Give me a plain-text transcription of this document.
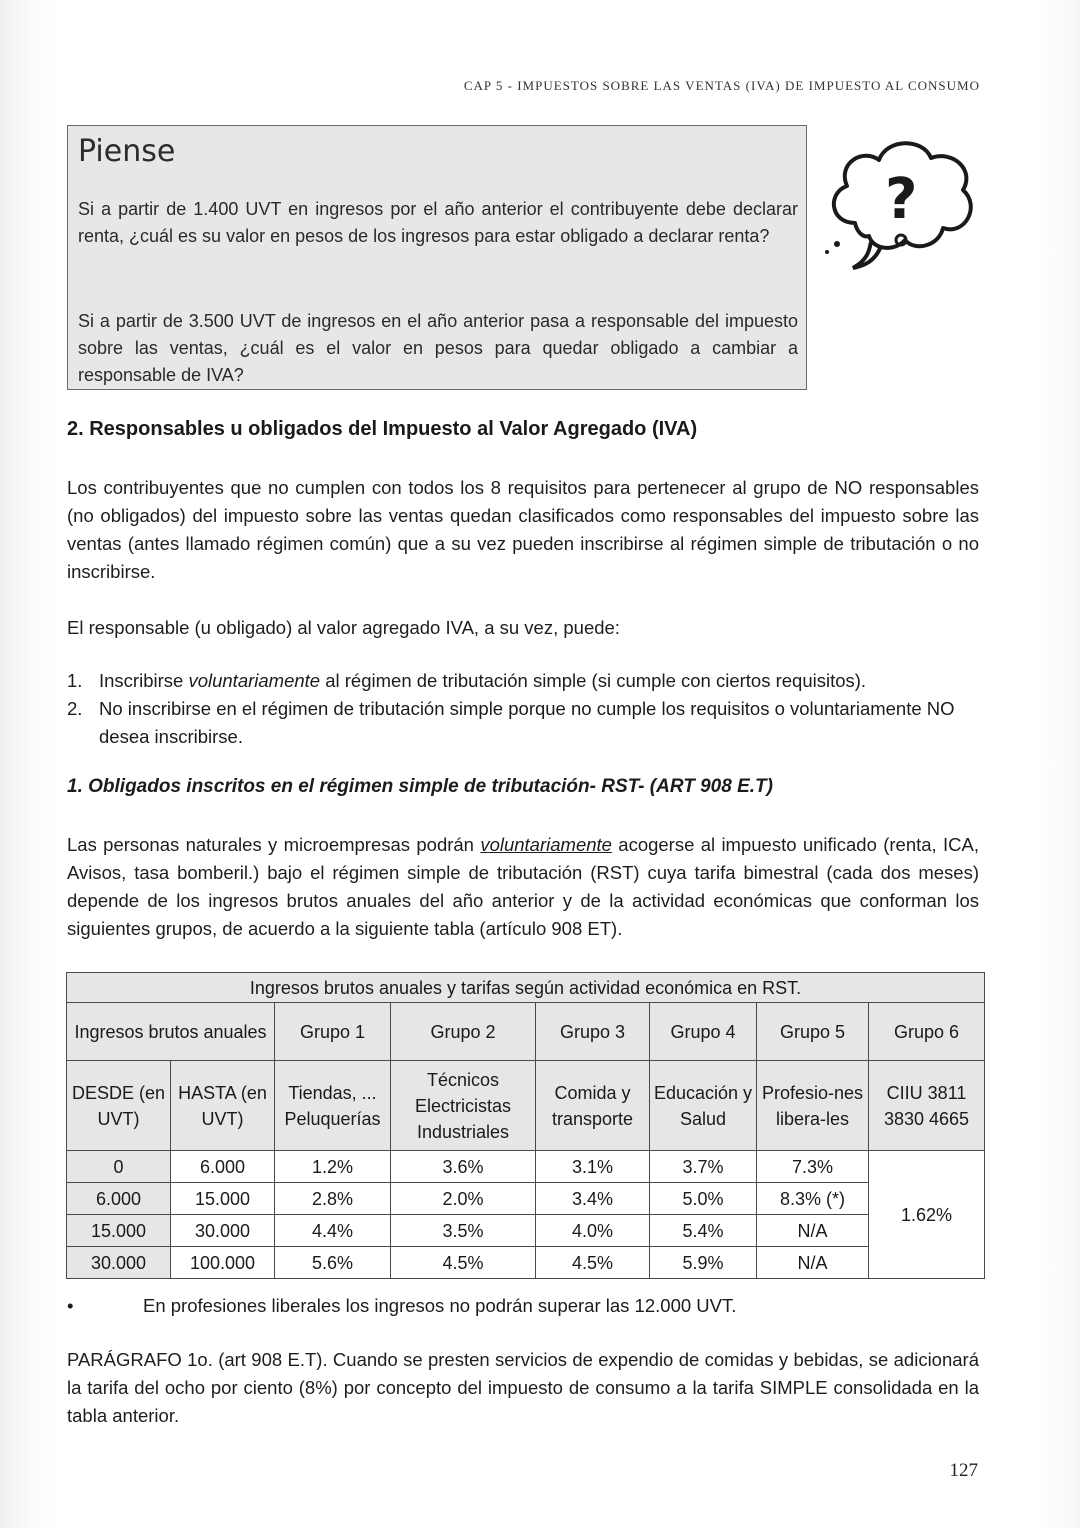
CAP 5 - IMPUESTOS SOBRE LAS VENTAS (IVA) DE IMPUESTO AL CONSUMO
Piense

Si a partir de 1.400 UVT en ingresos por el año anterior el contribuyente debe declarar renta, ¿cuál es su valor en pesos de los ingresos para estar obligado a declarar renta?

Si a partir de 3.500 UVT de ingresos en el año anterior pasa a responsable del impuesto sobre las ventas, ¿cuál es el valor en pesos para quedar obligado a cambiar a responsable de IVA?

?
2. Responsables u obligados del Impuesto al Valor Agregado (IVA)

Los contribuyentes que no cumplen con todos los 8 requisitos para pertenecer al grupo de NO responsables (no obligados) del impuesto sobre las ventas quedan clasificados como responsables del impuesto sobre las ventas (antes llamado régimen común) que a su vez pueden inscribirse al régimen simple de tributación o no inscribirse.

El responsable (u obligado) al valor agregado IVA, a su vez, puede:

1. Inscribirse voluntariamente al régimen de tributación simple (si cumple con ciertos requisitos).
2. No inscribirse en el régimen de tributación simple porque no cumple los requisitos o voluntariamente NO desea inscribirse.
1. Obligados inscritos en el régimen simple de tributación- RST- (ART 908 E.T)

Las personas naturales y microempresas podrán voluntariamente acogerse al impuesto unificado (renta, ICA, Avisos, tasa bomberil.) bajo el régimen simple de tributación (RST) cuya tarifa bimestral (cada dos meses) depende de los ingresos brutos anuales del año anterior y de la actividad económicas que conforman los siguientes grupos, de acuerdo a la siguiente tabla (artículo 908 ET).

Ingresos brutos anuales y tarifas según actividad económica en RST.							
Ingresos brutos anuales		Grupo 1	Grupo 2	Grupo 3	Grupo 4	Grupo 5	Grupo 6
DESDE (en UVT)	HASTA (en UVT)	Tiendas, ... Peluquerías	Técnicos Electricistas Industriales	Comida y transporte	Educación y Salud	Profesio-nes libera-les	CIIU 3811 3830 4665
0	6.000	1.2%	3.6%	3.1%	3.7%	7.3%	1.62%
6.000	15.000	2.8%	2.0%	3.4%	5.0%	8.3% (*)	
15.000	30.000	4.4%	3.5%	4.0%	5.4%	N/A	
30.000	100.000	5.6%	4.5%	4.5%	5.9%	N/A	
•	En profesiones liberales los ingresos no podrán superar las 12.000 UVT.

PARÁGRAFO 1o. (art 908 E.T). Cuando se presten servicios de expendio de comidas y bebidas, se adicionará la tarifa del ocho por ciento (8%) por concepto del impuesto de consumo a la tarifa SIMPLE consolidada en la tabla anterior.

127
